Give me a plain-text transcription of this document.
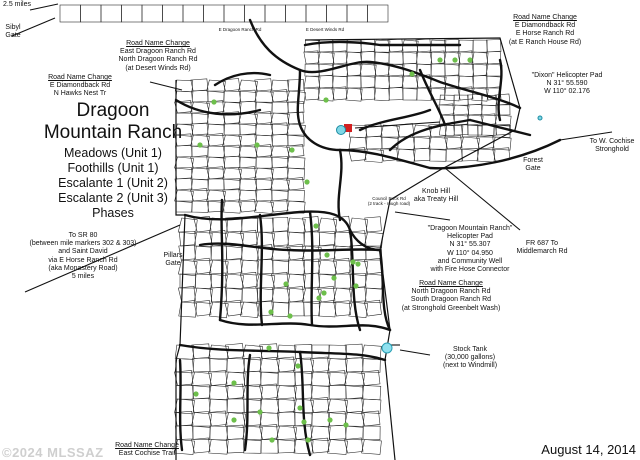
Dragoon
Mountain Ranch
Meadows (Unit 1)
Foothills (Unit 1)
Escalante 1 (Unit 2)
Escalante 2 (Unit 3)
Phases
2.5 miles
Sibyl
Gate
Road Name Change
East Dragoon Ranch Rd
North Dragoon Ranch Rd
(at Desert Winds Rd)
Road Name Change
E Diamondback Rd
N Hawks Nest Tr
Road Name Change
E Diamondback Rd
E Horse Ranch Rd
(at E Ranch House Rd)
"Dixon" Helicopter Pad
N 31° 55.590
W 110° 02.176
To W. Cochise
Stronghold
Forest
Gate
Knob Hill
aka Treaty Hill
"Dragoon Mountain Ranch"
Helicopter Pad
N 31° 55.307
W 110° 04.950
and Community Well
with Fire Hose Connector
To SR 80
(between mile markers 302 & 303)
and Saint David
via E Horse Ranch Rd
(aka Monastery Road)
5 miles
Pillars
Gate
FR 687 To
Middlemarch Rd
Road Name Change
North Dragoon Ranch Rd
South Dragoon Ranch Rd
(at Stronghold Greenbelt Wash)
Stock Tank
(30,000 gallons)
(next to Windmill)
Road Name Change
East Cochise Trail
Council Rock Rd
(2 track - rough road)
E Dragoon Ranch Rd	E Desert Winds Rd
©2024 MLSSAZ	August 14, 2014
